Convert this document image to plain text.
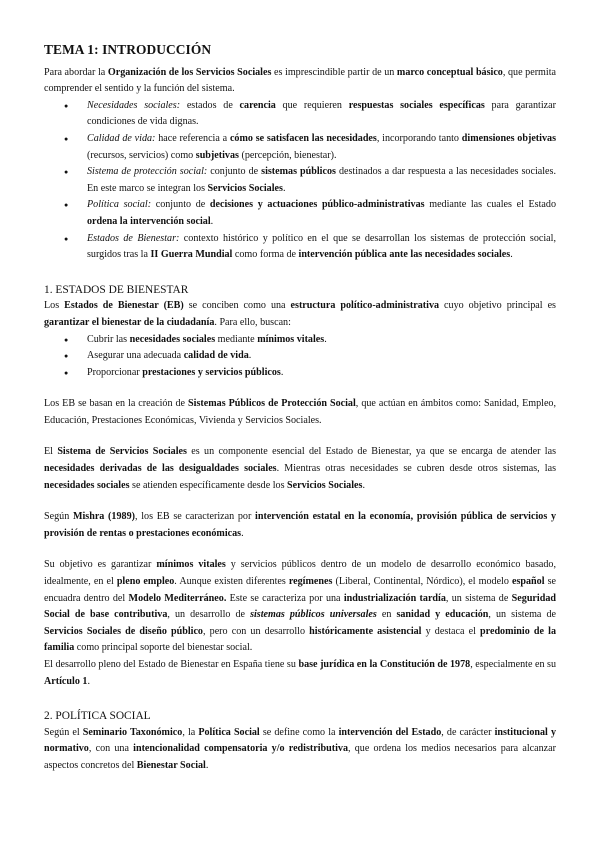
TEMA 1: INTRODUCCIÓN

Para abordar la Organización de los Servicios Sociales es imprescindible partir de un marco conceptual básico, que permita comprender el sentido y la función del sistema.

● Necesidades sociales: estados de carencia que requieren respuestas sociales específicas para garantizar condiciones de vida dignas.
● Calidad de vida: hace referencia a cómo se satisfacen las necesidades, incorporando tanto dimensiones objetivas (recursos, servicios) como subjetivas (percepción, bienestar).
● Sistema de protección social: conjunto de sistemas públicos destinados a dar respuesta a las necesidades sociales. En este marco se integran los Servicios Sociales.
● Política social: conjunto de decisiones y actuaciones público-administrativas mediante las cuales el Estado ordena la intervención social.
● Estados de Bienestar: contexto histórico y político en el que se desarrollan los sistemas de protección social, surgidos tras la II Guerra Mundial como forma de intervención pública ante las necesidades sociales.
1. ESTADOS DE BIENESTAR

Los Estados de Bienestar (EB) se conciben como una estructura político-administrativa cuyo objetivo principal es garantizar el bienestar de la ciudadanía. Para ello, buscan:

● Cubrir las necesidades sociales mediante mínimos vitales.
● Asegurar una adecuada calidad de vida.
● Proporcionar prestaciones y servicios públicos.

Los EB se basan en la creación de Sistemas Públicos de Protección Social, que actúan en ámbitos como: Sanidad, Empleo, Educación, Prestaciones Económicas, Vivienda y Servicios Sociales.

El Sistema de Servicios Sociales es un componente esencial del Estado de Bienestar, ya que se encarga de atender las necesidades derivadas de las desigualdades sociales. Mientras otras necesidades se cubren desde otros sistemas, las necesidades sociales se atienden específicamente desde los Servicios Sociales.

Según Mishra (1989), los EB se caracterizan por intervención estatal en la economía, provisión pública de servicios y provisión de rentas o prestaciones económicas.

Su objetivo es garantizar mínimos vitales y servicios públicos dentro de un modelo de desarrollo económico basado, idealmente, en el pleno empleo. Aunque existen diferentes regímenes (Liberal, Continental, Nórdico), el modelo español se encuadra dentro del Modelo Mediterráneo. Este se caracteriza por una industrialización tardía, un sistema de Seguridad Social de base contributiva, un desarrollo de sistemas públicos universales en sanidad y educación, un sistema de Servicios Sociales de diseño público, pero con un desarrollo históricamente asistencial y destaca el predominio de la familia como principal soporte del bienestar social.

El desarrollo pleno del Estado de Bienestar en España tiene su base jurídica en la Constitución de 1978, especialmente en su Artículo 1.

2. POLÍTICA SOCIAL

Según el Seminario Taxonómico, la Política Social se define como la intervención del Estado, de carácter institucional y normativo, con una intencionalidad compensatoria y/o redistributiva, que ordena los medios necesarios para alcanzar aspectos concretos del Bienestar Social.
